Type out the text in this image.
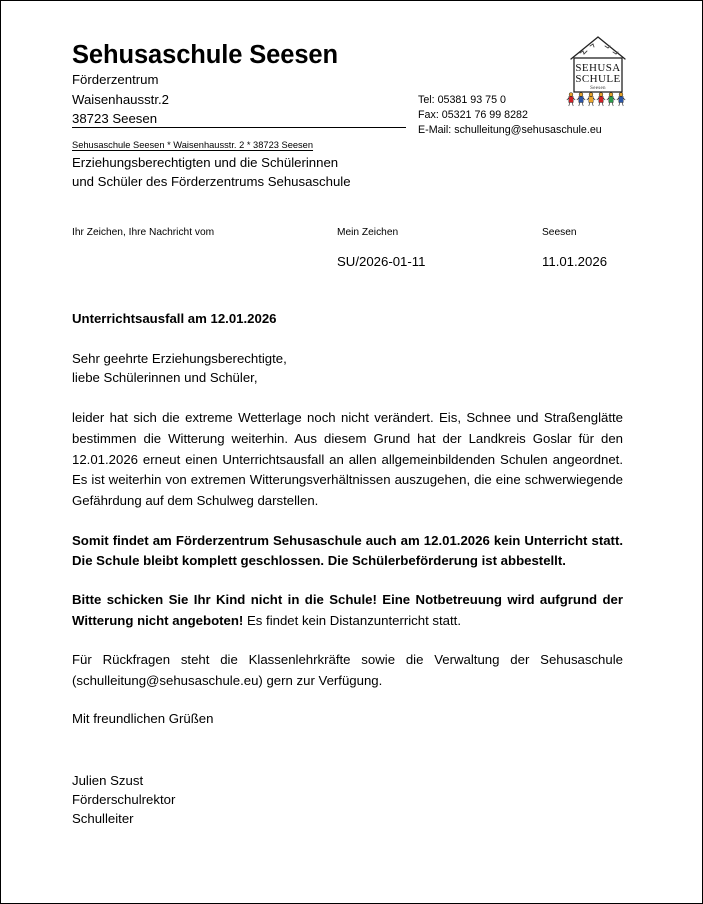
Sehusaschule Seesen
Förderzentrum
Waisenhausstr.2
38723 Seesen
Tel: 05381 93 75 0
Fax: 05321 76 99 8282
E-Mail: schulleitung@sehusaschule.eu
SEHUSA
SCHULE
Seesen
Sehusaschule Seesen * Waisenhausstr. 2 * 38723 Seesen
Erziehungsberechtigten und die Schülerinnen
und Schüler des Förderzentrums Sehusaschule
Ihr Zeichen, Ihre Nachricht vom	Mein Zeichen
SU/2026-01-11
Seesen
11.01.2026
Unterrichtsausfall am 12.01.2026
Sehr geehrte Erziehungsberechtigte,
liebe Schülerinnen und Schüler,

leider hat sich die extreme Wetterlage noch nicht verändert. Eis, Schnee und Straßenglätte bestimmen die Witterung weiterhin. Aus diesem Grund hat der Landkreis Goslar für den 12.01.2026 erneut einen Unterrichtsausfall an allen allgemeinbildenden Schulen angeordnet. Es ist weiterhin von extremen Witterungsverhältnissen auszugehen, die eine schwerwiegende Gefährdung auf dem Schulweg darstellen.

Somit findet am Förderzentrum Sehusaschule auch am 12.01.2026 kein Unterricht statt. Die Schule bleibt komplett geschlossen. Die Schülerbeförderung ist abbestellt.

Bitte schicken Sie Ihr Kind nicht in die Schule! Eine Notbetreuung wird aufgrund der Witterung nicht angeboten! Es findet kein Distanzunterricht statt.

Für Rückfragen steht die Klassenlehrkräfte sowie die Verwaltung der Sehusaschule (schulleitung@sehusaschule.eu) gern zur Verfügung.

Mit freundlichen Grüßen
Julien Szust
Förderschulrektor
Schulleiter
